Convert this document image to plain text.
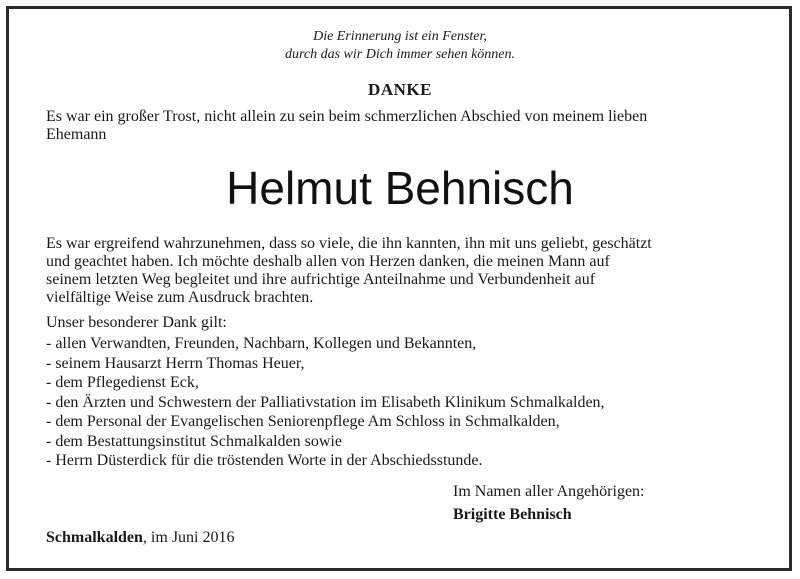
Die Erinnerung ist ein Fenster,
durch das wir Dich immer sehen können.
DANKE
Es war ein großer Trost, nicht allein zu sein beim schmerzlichen Abschied von meinem lieben
Ehemann
Helmut Behnisch
Es war ergreifend wahrzunehmen, dass so viele, die ihn kannten, ihn mit uns geliebt, geschätzt
und geachtet haben. Ich möchte deshalb allen von Herzen danken, die meinen Mann auf
seinem letzten Weg begleitet und ihre aufrichtige Anteilnahme und Verbundenheit auf
vielfältige Weise zum Ausdruck brachten.
Unser besonderer Dank gilt:
- allen Verwandten, Freunden, Nachbarn, Kollegen und Bekannten,
- seinem Hausarzt Herrn Thomas Heuer,
- dem Pflegedienst Eck,
- den Ärzten und Schwestern der Palliativstation im Elisabeth Klinikum Schmalkalden,
- dem Personal der Evangelischen Seniorenpflege Am Schloss in Schmalkalden,
- dem Bestattungsinstitut Schmalkalden sowie
- Herrn Düsterdick für die tröstenden Worte in der Abschiedsstunde.
Im Namen aller Angehörigen:
Brigitte Behnisch
Schmalkalden, im Juni 2016
